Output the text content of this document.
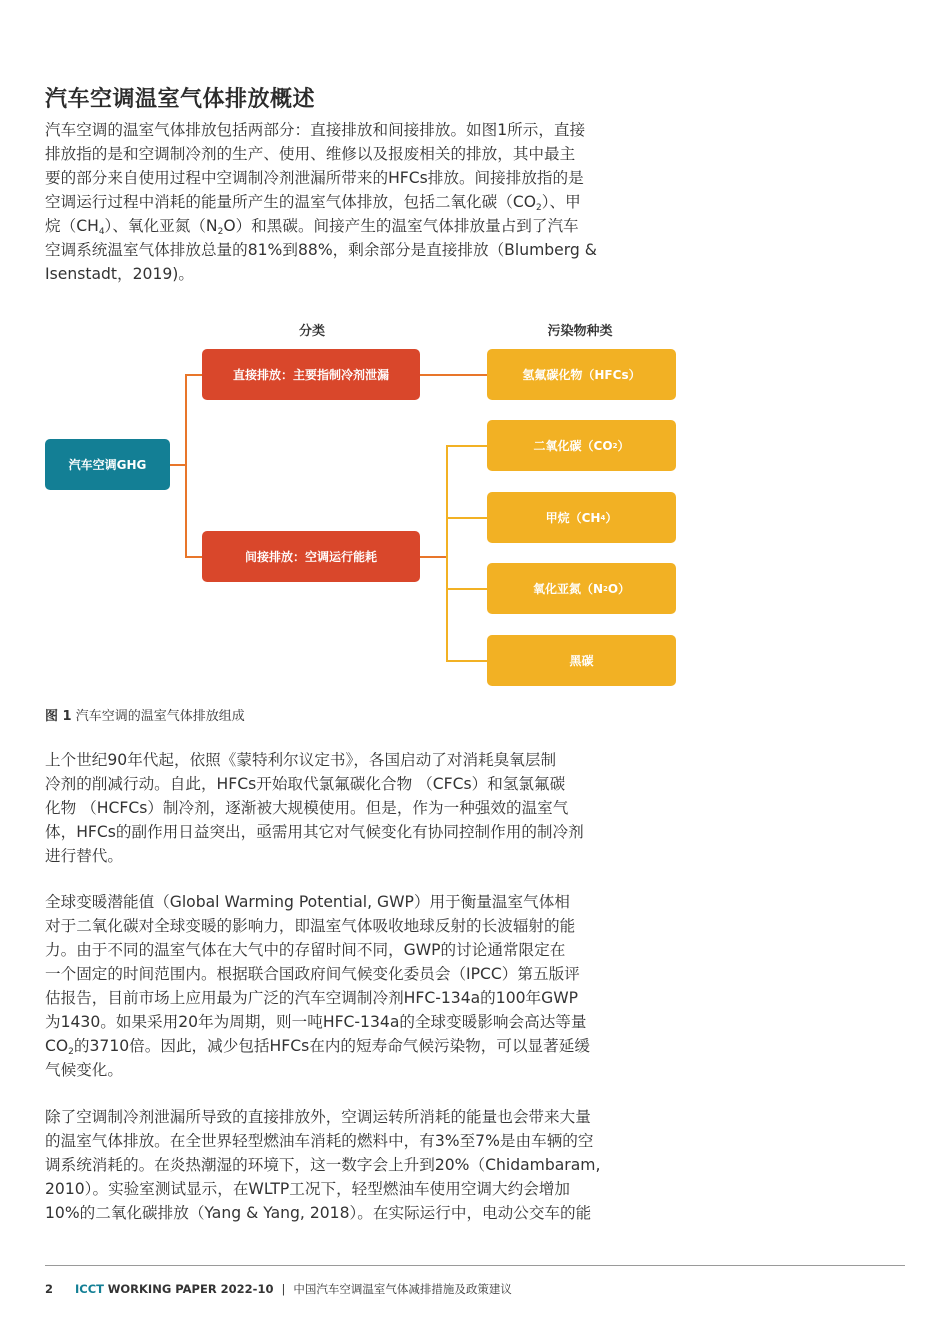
汽车空调温室气体排放概述
汽车空调的温室气体排放包括两部分：直接排放和间接排放。如图1所示，直接
排放指的是和空调制冷剂的生产、使用、维修以及报废相关的排放，其中最主
要的部分来自使用过程中空调制冷剂泄漏所带来的HFCs排放。间接排放指的是
空调运行过程中消耗的能量所产生的温室气体排放，包括二氧化碳$(CO_2)$、甲
烷$(CH_4)$、氧化亚氮$(N_2O)$和黑碳。间接产生的温室气体排放量占到了汽车
空调系统温室气体排放总量的81%到88%，剩余部分是直接排放（Blumberg &
Isenstadt，2019)。
分类	污染物种类
汽车空调GHG
直接排放：主要指制冷剂泄漏
间接排放：空调运行能耗
氢氟碳化物（HFCs）
二氧化碳（CO 2 ）
甲烷（CH 4 ）
氧化亚氮（N 2 O）
黑碳
图 1 汽车空调的温室气体排放组成
上个世纪90年代起，依照《蒙特利尔议定书》，各国启动了对消耗臭氧层制
冷剂的削减行动。自此，HFCs开始取代氯氟碳化合物 （CFCs）和氢氯氟碳
化物 （HCFCs）制冷剂，逐渐被大规模使用。但是，作为一种强效的温室气
体，HFCs的副作用日益突出，亟需用其它对气候变化有协同控制作用的制冷剂
进行替代。
全球变暖潜能值（Global Warming Potential, GWP）用于衡量温室气体相
对于二氧化碳对全球变暖的影响力，即温室气体吸收地球反射的长波辐射的能
力。由于不同的温室气体在大气中的存留时间不同，GWP的讨论通常限定在
一个固定的时间范围内。根据联合国政府间气候变化委员会（IPCC）第五版评
估报告，目前市场上应用最为广泛的汽车空调制冷剂HFC-134a的100年GWP
为1430。如果采用20年为周期，则一吨HFC-134a的全球变暖影响会高达等量
$CO_2$的3710倍。因此，减少包括HFCs在内的短寿命气候污染物，可以显著延缓
气候变化。
除了空调制冷剂泄漏所导致的直接排放外，空调运转所消耗的能量也会带来大量
的温室气体排放。在全世界轻型燃油车消耗的燃料中，有3%至7%是由车辆的空
调系统消耗的。在炎热潮湿的环境下，这一数字会上升到20%（Chidambaram,
2010）。实验室测试显示，在WLTP工况下，轻型燃油车使用空调大约会增加
10%的二氧化碳排放（Yang & Yang, 2018）。在实际运行中，电动公交车的能
2 ICCT WORKING PAPER 2022-10 | 中国汽车空调温室气体减排措施及政策建议
